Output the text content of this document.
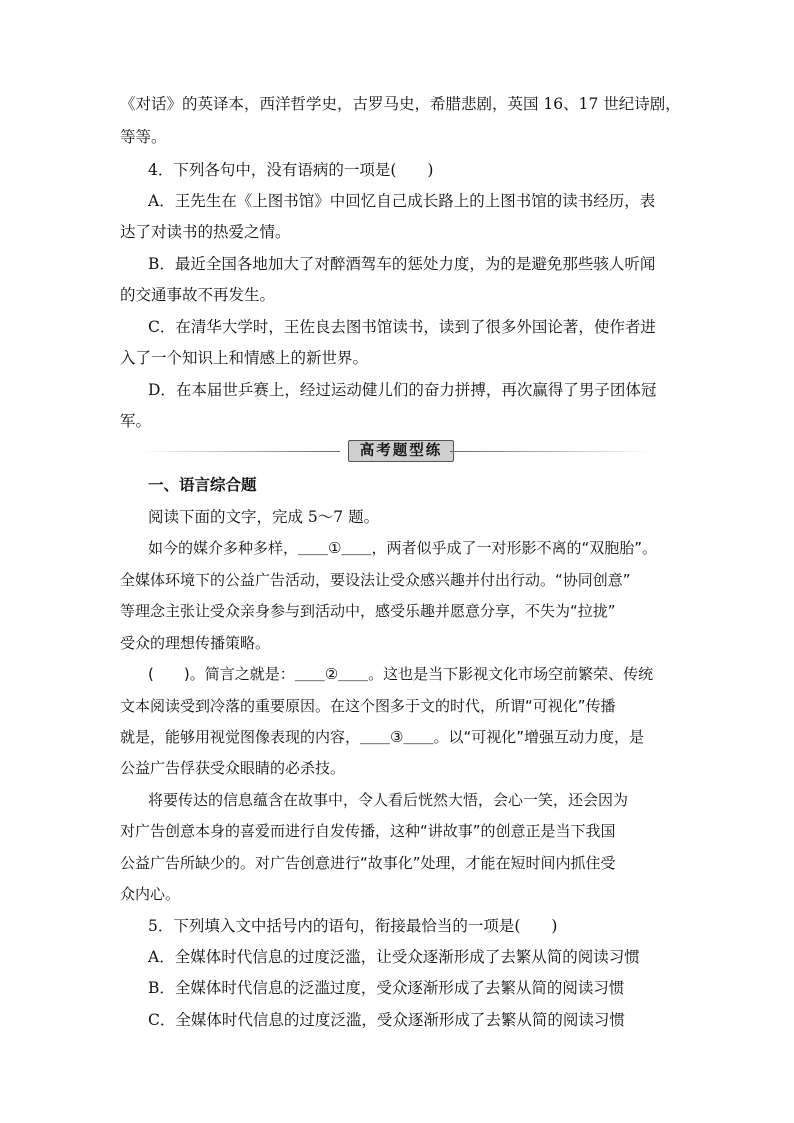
《对话》的英译本，西洋哲学史，古罗马史，希腊悲剧，英国 16、17 世纪诗剧，
等等。
4．下列各句中，没有语病的一项是(　　)
A．王先生在《上图书馆》中回忆自己成长路上的上图书馆的读书经历，表
达了对读书的热爱之情。
B．最近全国各地加大了对醉酒驾车的惩处力度，为的是避免那些骇人听闻
的交通事故不再发生。
C．在清华大学时，王佐良去图书馆读书，读到了很多外国论著，使作者进
入了一个知识上和情感上的新世界。
D．在本届世乒赛上，经过运动健儿们的奋力拼搏，再次赢得了男子团体冠
军。
高考题型练
一、语言综合题
阅读下面的文字，完成 5～7 题。
如今的媒介多种多样，＿＿①＿＿，两者似乎成了一对形影不离的“双胞胎”。
全媒体环境下的公益广告活动，要设法让受众感兴趣并付出行动。“协同创意”
等理念主张让受众亲身参与到活动中，感受乐趣并愿意分享，不失为“拉拢”
受众的理想传播策略。
(　　)。简言之就是：＿＿②＿＿。这也是当下影视文化市场空前繁荣、传统
文本阅读受到冷落的重要原因。在这个图多于文的时代，所谓“可视化”传播
就是，能够用视觉图像表现的内容，＿＿③＿＿。以“可视化”增强互动力度，是
公益广告俘获受众眼睛的必杀技。
将要传达的信息蕴含在故事中，令人看后恍然大悟，会心一笑，还会因为
对广告创意本身的喜爱而进行自发传播，这种“讲故事”的创意正是当下我国
公益广告所缺少的。对广告创意进行“故事化”处理，才能在短时间内抓住受
众内心。
5．下列填入文中括号内的语句，衔接最恰当的一项是(　　)
A．全媒体时代信息的过度泛滥，让受众逐渐形成了去繁从简的阅读习惯
B．全媒体时代信息的泛滥过度，受众逐渐形成了去繁从简的阅读习惯
C．全媒体时代信息的过度泛滥，受众逐渐形成了去繁从简的阅读习惯
